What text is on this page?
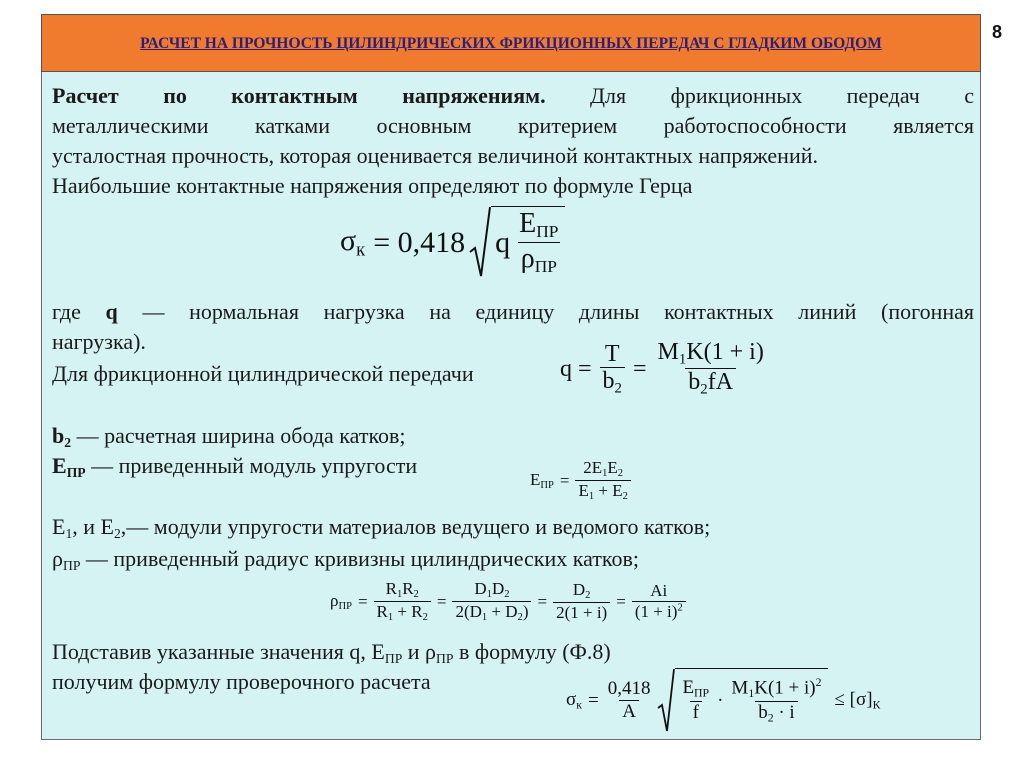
РАСЧЕТ НА ПРОЧНОСТЬ ЦИЛИНДРИЧЕСКИХ ФРИКЦИОННЫХ ПЕРЕДАЧ С ГЛАДКИМ ОБОДОМ
8
Расчет по контактным напряжениям. Для фрикционных передач с
металлическими катками основным критерием работоспособности является
усталостная прочность, которая оценивается величиной контактных напряжений.
Наибольшие контактные напряжения определяют по формуле Герца
$\sigma_к = 0,418$ q $\frac{E_{ПР}}{\rho_{ПР}}$
где q — нормальная нагрузка на единицу длины контактных линий (погонная
нагрузка).
Для фрикционной цилиндрической передачи	$q = \frac{T}{b_2} = \frac{M_1K(1 + i)}{b_2fA}$
$b_2$ — расчетная ширина обода катков;
$E_{ПР}$ — приведенный модуль упругости
$E_{ПР} = \frac{2E_1E_2}{E_1 + E_2}$
$E_1$, и $E_2,—$ модули упругости материалов ведущего и ведомого катков;
$\rho_{ПР}$ — приведенный радиус кривизны цилиндрических катков;
$\rho_{ПР} = \frac{R_1R_2}{R_1 + R_2} = \frac{D_1D_2}{2(D_1 + D_2)} = \frac{D_2}{2(1 + i)} = \frac{Ai}{(1 + i)^2}$
Подставив указанные значения q, $E_{ПР}$ и $\rho_{ПР}$ в формулу (Ф.8)
получим формулу проверочного расчета
$\sigma_к = \frac{0,418}{A} \frac{E_{ПР}}{f} \cdot \frac{M_1K(1 + i)^2}{b_2 \cdot i} \le [\sigma]_К$
